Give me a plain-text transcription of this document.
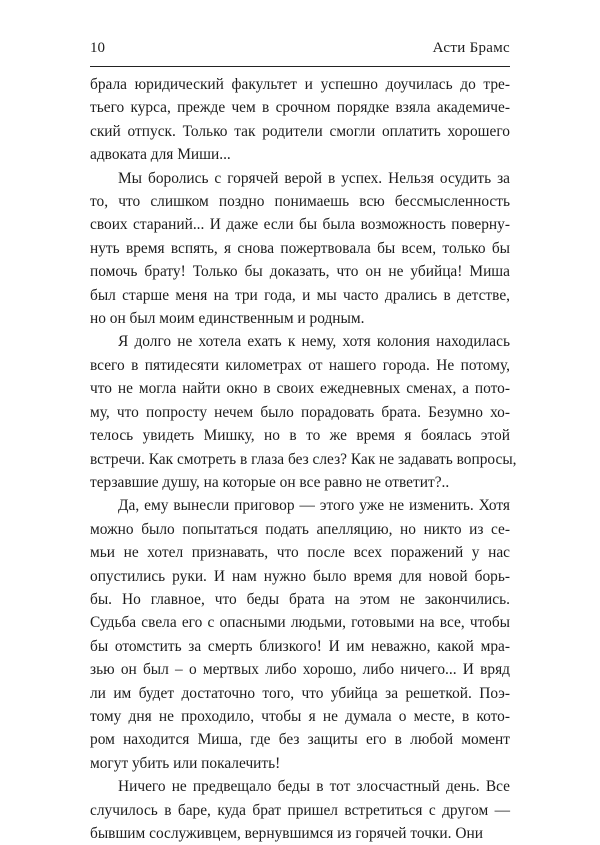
10	Асти Брамс

брала юридический факультет и успешно доучилась до тре-
тьего курса, прежде чем в срочном порядке взяла академиче-
ский отпуск. Только так родители смогли оплатить хорошего
адвоката для Миши...

Мы боролись с горячей верой в успех. Нельзя осудить за
то, что слишком поздно понимаешь всю бессмысленность
своих стараний... И даже если бы была возможность поверну-
нуть время вспять, я снова пожертвовала бы всем, только бы
помочь брату! Только бы доказать, что он не убийца! Миша
был старше меня на три года, и мы часто дрались в детстве,
но он был моим единственным и родным.

Я долго не хотела ехать к нему, хотя колония находилась
всего в пятидесяти километрах от нашего города. Не потому,
что не могла найти окно в своих ежедневных сменах, а пото-
му, что попросту нечем было порадовать брата. Безумно хо-
телось увидеть Мишку, но в то же время я боялась этой
встречи. Как смотреть в глаза без слез? Как не задавать вопросы,
терзавшие душу, на которые он все равно не ответит?..

Да, ему вынесли приговор — этого уже не изменить. Хотя
можно было попытаться подать апелляцию, но никто из се-
мьи не хотел признавать, что после всех поражений у нас
опустились руки. И нам нужно было время для новой борь-
бы. Но главное, что беды брата на этом не закончились.
Судьба свела его с опасными людьми, готовыми на все, чтобы
бы отомстить за смерть близкого! И им неважно, какой мра-
зью он был – о мертвых либо хорошо, либо ничего... И вряд
ли им будет достаточно того, что убийца за решеткой. Поэ-
тому дня не проходило, чтобы я не думала о месте, в кото-
ром находится Миша, где без защиты его в любой момент
могут убить или покалечить!

Ничего не предвещало беды в тот злосчастный день. Все
случилось в баре, куда брат пришел встретиться с другом —
бывшим сослуживцем, вернувшимся из горячей точки. Они
